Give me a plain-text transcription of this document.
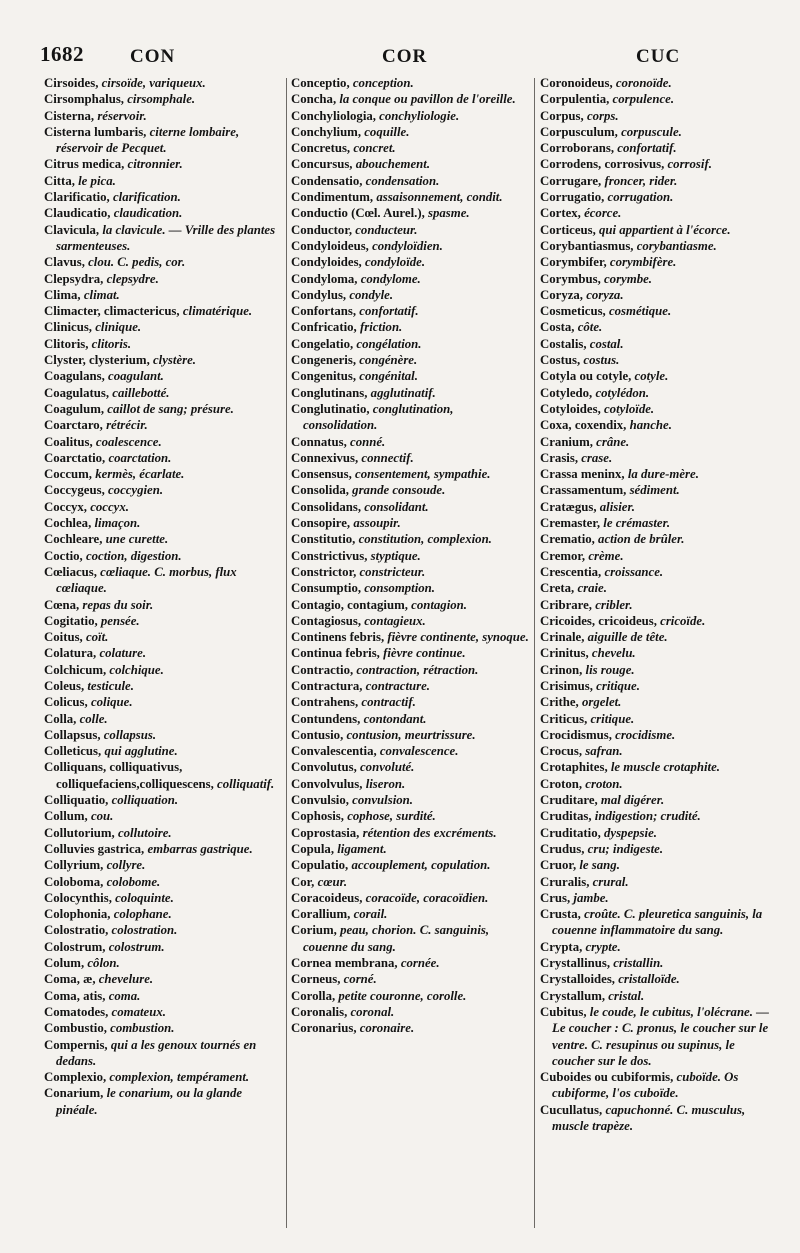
1682 CON	COR	CUC

Cirsoides, cirsoïde, variqueux.

Cirsomphalus, cirsomphale.

Cisterna, réservoir.

Cisterna lumbaris, citerne lombaire, réservoir de Pecquet.

Citrus medica, citronnier.

Citta, le pica.

Clarificatio, clarification.

Claudicatio, claudication.

Clavicula, la clavicule. — Vrille des plantes sarmenteuses.

Clavus, clou. C. pedis, cor.

Clepsydra, clepsydre.

Clima, climat.

Climacter, climactericus, climatérique.

Clinicus, clinique.

Clitoris, clitoris.

Clyster, clysterium, clystère.

Coagulans, coagulant.

Coagulatus, caillebotté.

Coagulum, caillot de sang; présure.

Coarctaro, rétrécir.

Coalitus, coalescence.

Coarctatio, coarctation.

Coccum, kermès, écarlate.

Coccygeus, coccygien.

Coccyx, coccyx.

Cochlea, limaçon.

Cochleare, une curette.

Coctio, coction, digestion.

Cœliacus, cœliaque. C. morbus, flux cœliaque.

Cœna, repas du soir.

Cogitatio, pensée.

Coitus, coït.

Colatura, colature.

Colchicum, colchique.

Coleus, testicule.

Colicus, colique.

Colla, colle.

Collapsus, collapsus.

Colleticus, qui agglutine.

Colliquans, colliquativus, colliquefaciens,colliquescens, colliquatif.

Colliquatio, colliquation.

Collum, cou.

Collutorium, collutoire.

Colluvies gastrica, embarras gastrique.

Collyrium, collyre.

Coloboma, colobome.

Colocynthis, coloquinte.

Colophonia, colophane.

Colostratio, colostration.

Colostrum, colostrum.

Colum, côlon.

Coma, æ, chevelure.

Coma, atis, coma.

Comatodes, comateux.

Combustio, combustion.

Compernis, qui a les genoux tournés en dedans.

Complexio, complexion, tempérament.

Conarium, le conarium, ou la glande pinéale.

Conceptio, conception.

Concha, la conque ou pavillon de l'oreille.

Conchyliologia, conchyliologie.

Conchylium, coquille.

Concretus, concret.

Concursus, abouchement.

Condensatio, condensation.

Condimentum, assaisonnement, condit.

Conductio (Cœl. Aurel.), spasme.

Conductor, conducteur.

Condyloideus, condyloïdien.

Condyloides, condyloïde.

Condyloma, condylome.

Condylus, condyle.

Confortans, confortatif.

Confricatio, friction.

Congelatio, congélation.

Congeneris, congénère.

Congenitus, congénital.

Conglutinans, agglutinatif.

Conglutinatio, conglutination, consolidation.

Connatus, conné.

Connexivus, connectif.

Consensus, consentement, sympathie.

Consolida, grande consoude.

Consolidans, consolidant.

Consopire, assoupir.

Constitutio, constitution, complexion.

Constrictivus, styptique.

Constrictor, constricteur.

Consumptio, consomption.

Contagio, contagium, contagion.

Contagiosus, contagieux.

Continens febris, fièvre continente, synoque.

Continua febris, fièvre continue.

Contractio, contraction, rétraction.

Contractura, contracture.

Contrahens, contractif.

Contundens, contondant.

Contusio, contusion, meurtrissure.

Convalescentia, convalescence.

Convolutus, convoluté.

Convolvulus, liseron.

Convulsio, convulsion.

Cophosis, cophose, surdité.

Coprostasia, rétention des excréments.

Copula, ligament.

Copulatio, accouplement, copulation.

Cor, cœur.

Coracoideus, coracoïde, coracoïdien.

Corallium, corail.

Corium, peau, chorion. C. sanguinis, couenne du sang.

Cornea membrana, cornée.

Corneus, corné.

Corolla, petite couronne, corolle.

Coronalis, coronal.

Coronarius, coronaire.

Coronoideus, coronoïde.

Corpulentia, corpulence.

Corpus, corps.

Corpusculum, corpuscule.

Corroborans, confortatif.

Corrodens, corrosivus, corrosif.

Corrugare, froncer, rider.

Corrugatio, corrugation.

Cortex, écorce.

Corticeus, qui appartient à l'écorce.

Corybantiasmus, corybantiasme.

Corymbifer, corymbifère.

Corymbus, corymbe.

Coryza, coryza.

Cosmeticus, cosmétique.

Costa, côte.

Costalis, costal.

Costus, costus.

Cotyla ou cotyle, cotyle.

Cotyledo, cotylédon.

Cotyloides, cotyloïde.

Coxa, coxendix, hanche.

Cranium, crâne.

Crasis, crase.

Crassa meninx, la dure-mère.

Crassamentum, sédiment.

Cratægus, alisier.

Cremaster, le crémaster.

Crematio, action de brûler.

Cremor, crème.

Crescentia, croissance.

Creta, craie.

Cribrare, cribler.

Cricoides, cricoideus, cricoïde.

Crinale, aiguille de tête.

Crinitus, chevelu.

Crinon, lis rouge.

Crisimus, critique.

Crithe, orgelet.

Criticus, critique.

Crocidismus, crocidisme.

Crocus, safran.

Crotaphites, le muscle crotaphite.

Croton, croton.

Cruditare, mal digérer.

Cruditas, indigestion; crudité.

Cruditatio, dyspepsie.

Crudus, cru; indigeste.

Cruor, le sang.

Cruralis, crural.

Crus, jambe.

Crusta, croûte. C. pleuretica sanguinis, la couenne inflammatoire du sang.

Crypta, crypte.

Crystallinus, cristallin.

Crystalloides, cristalloïde.

Crystallum, cristal.

Cubitus, le coude, le cubitus, l'olécrane. — Le coucher : C. pronus, le coucher sur le ventre. C. resupinus ou supinus, le coucher sur le dos.

Cuboides ou cubiformis, cuboïde. Os cubiforme, l'os cuboïde.

Cucullatus, capuchonné. C. musculus, muscle trapèze.
